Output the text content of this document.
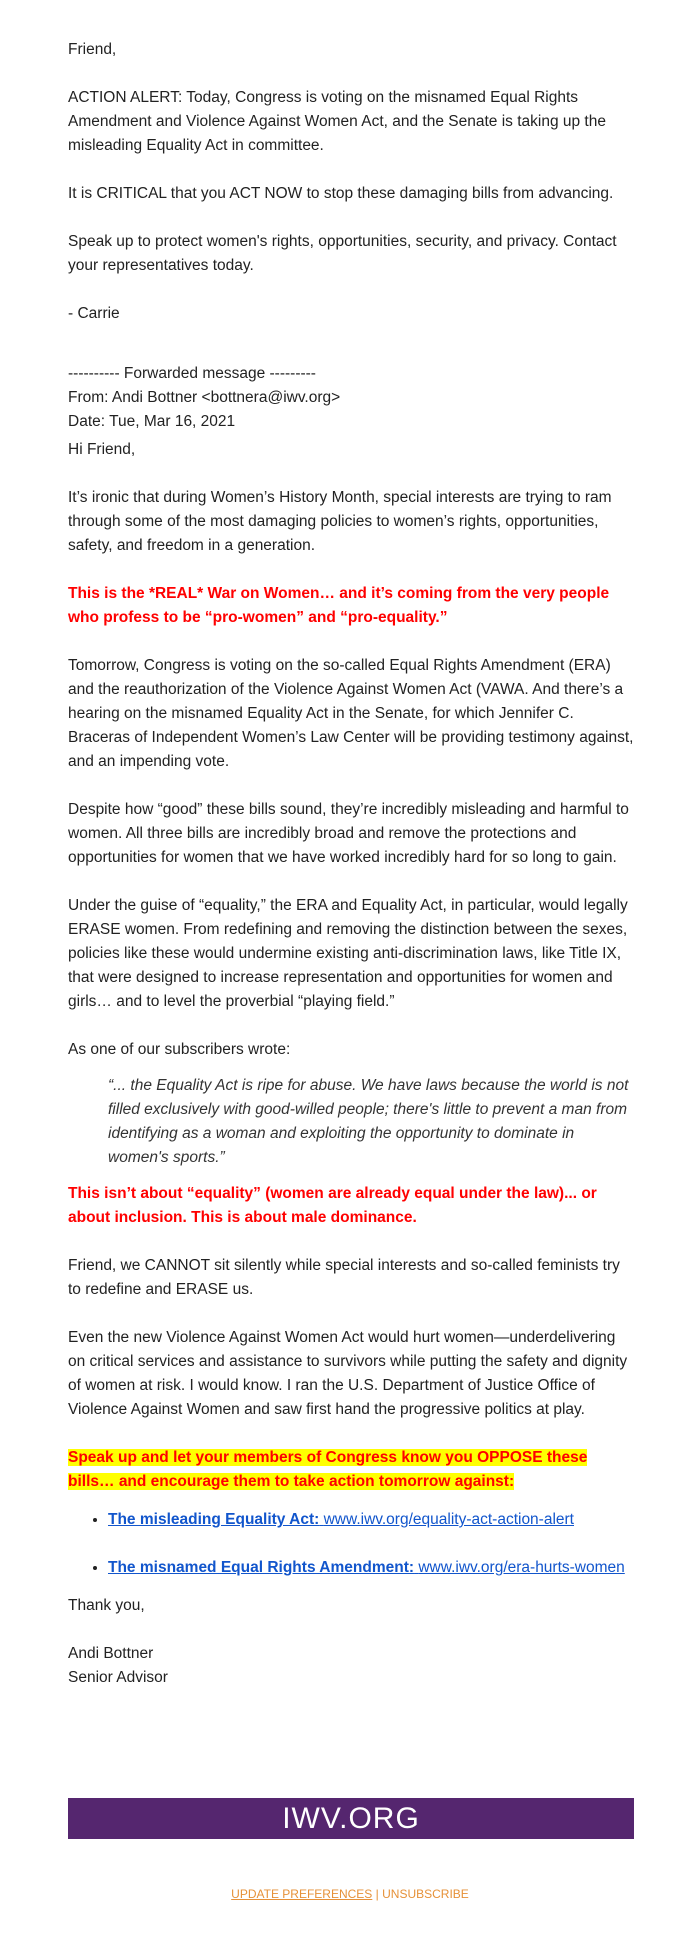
Friend,

ACTION ALERT: Today, Congress is voting on the misnamed Equal Rights Amendment and Violence Against Women Act, and the Senate is taking up the misleading Equality Act in committee.

It is CRITICAL that you ACT NOW to stop these damaging bills from advancing.

Speak up to protect women's rights, opportunities, security, and privacy. Contact your representatives today.

- Carrie

---------- Forwarded message ---------

From: Andi Bottner <bottnera@iwv.org>

Date: Tue, Mar 16, 2021

Hi Friend,

It’s ironic that during Women’s History Month, special interests are trying to ram through some of the most damaging policies to women’s rights, opportunities, safety, and freedom in a generation.

This is the *REAL* War on Women… and it’s coming from the very people who profess to be “pro-women” and “pro-equality.”

Tomorrow, Congress is voting on the so-called Equal Rights Amendment (ERA) and the reauthorization of the Violence Against Women Act (VAWA. And there’s a hearing on the misnamed Equality Act in the Senate, for which Jennifer C. Braceras of Independent Women’s Law Center will be providing testimony against, and an impending vote.

Despite how “good” these bills sound, they’re incredibly misleading and harmful to women. All three bills are incredibly broad and remove the protections and opportunities for women that we have worked incredibly hard for so long to gain.

Under the guise of “equality,” the ERA and Equality Act, in particular, would legally ERASE women. From redefining and removing the distinction between the sexes, policies like these would undermine existing anti-discrimination laws, like Title IX, that were designed to increase representation and opportunities for women and girls… and to level the proverbial “playing field.”

As one of our subscribers wrote:

“... the Equality Act is ripe for abuse. We have laws because the world is not filled exclusively with good-willed people; there's little to prevent a man from identifying as a woman and exploiting the opportunity to dominate in women's sports.”

This isn’t about “equality” (women are already equal under the law)... or about inclusion. This is about male dominance.

Friend, we CANNOT sit silently while special interests and so-called feminists try to redefine and ERASE us.

Even the new Violence Against Women Act would hurt women—underdelivering on critical services and assistance to survivors while putting the safety and dignity of women at risk. I would know. I ran the U.S. Department of Justice Office of Violence Against Women and saw first hand the progressive politics at play.

Speak up and let your members of Congress know you OPPOSE these bills… and encourage them to take action tomorrow against:

• The misleading Equality Act: www.iwv.org/equality-act-action-alert
• The misnamed Equal Rights Amendment: www.iwv.org/era-hurts-women

Thank you,

Andi Bottner

Senior Advisor

IWV.ORG
UPDATE PREFERENCES | UNSUBSCRIBE
